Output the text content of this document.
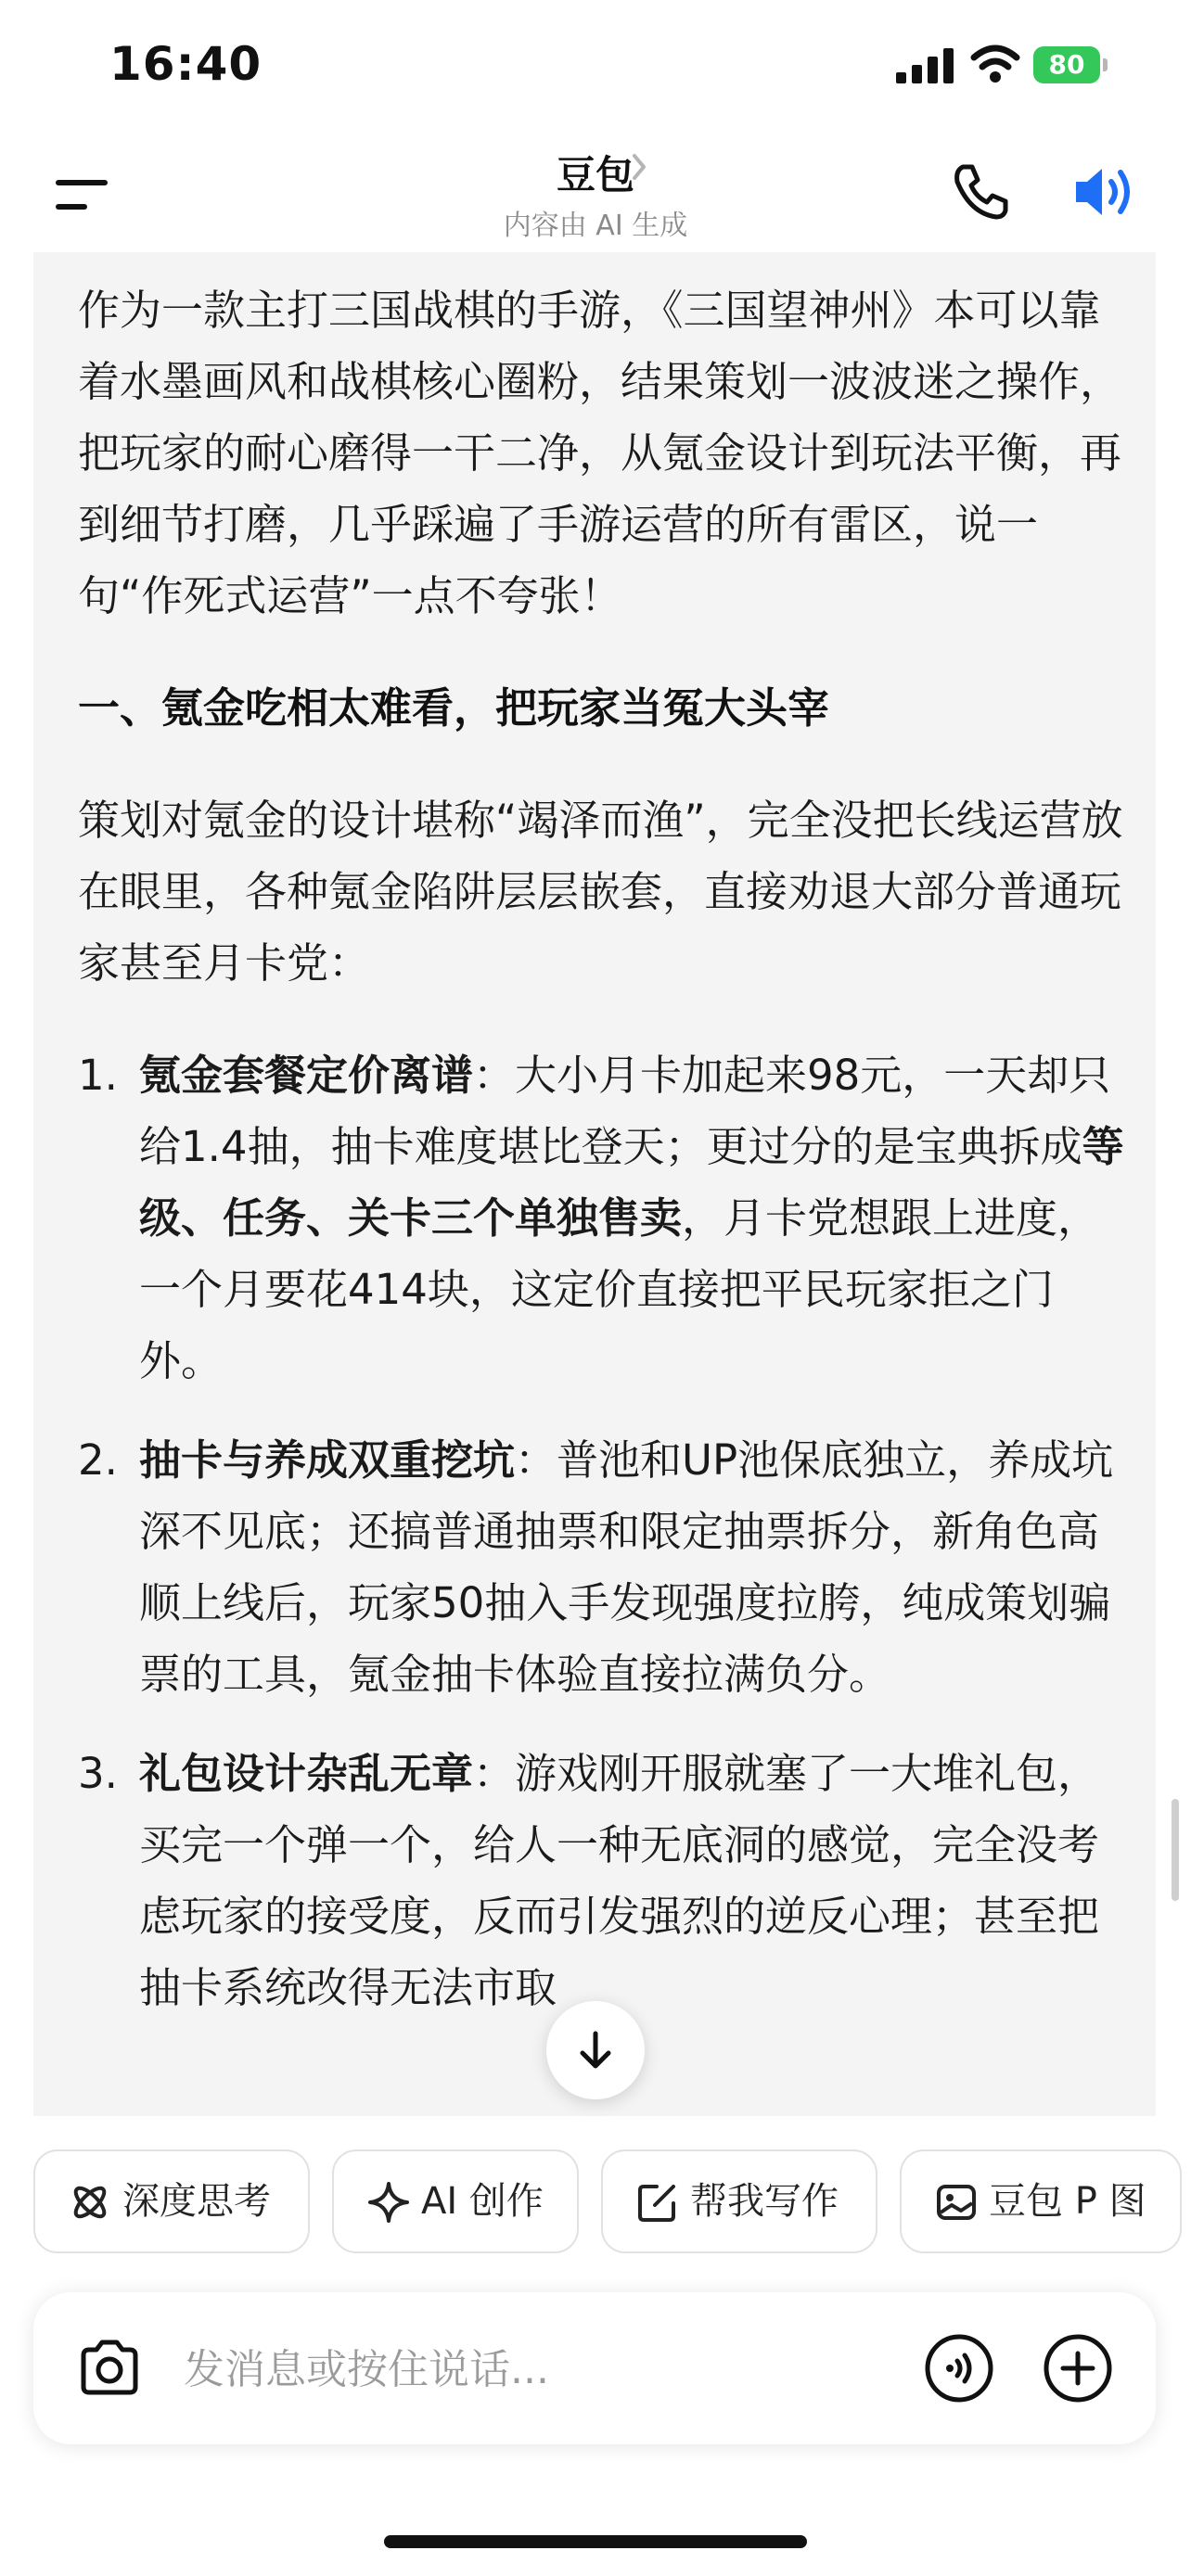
16:40	80
豆包
内容由 AI 生成

作为一款主打三国战棋的手游，《三国望神州》本可以靠着水墨画风和战棋核心圈粉，结果策划一波波迷之操作，把玩家的耐心磨得一干二净，从氪金设计到玩法平衡，再到细节打磨，几乎踩遍了手游运营的所有雷区，说一句“作死式运营”一点不夸张！

一、氪金吃相太难看，把玩家当冤大头宰

策划对氪金的设计堪称“竭泽而渔”，完全没把长线运营放在眼里，各种氪金陷阱层层嵌套，直接劝退大部分普通玩家甚至月卡党：

1. 氪金套餐定价离谱：大小月卡加起来98元，一天却只给1.4抽，抽卡难度堪比登天；更过分的是宝典拆成等级、任务、关卡三个单独售卖，月卡党想跟上进度，一个月要花414块，这定价直接把平民玩家拒之门外。
2. 抽卡与养成双重挖坑：普池和UP池保底独立，养成坑深不见底；还搞普通抽票和限定抽票拆分，新角色高顺上线后，玩家50抽入手发现强度拉胯，纯成策划骗票的工具，氪金抽卡体验直接拉满负分。
3. 礼包设计杂乱无章：游戏刚开服就塞了一大堆礼包，买完一个弹一个，给人一种无底洞的感觉，完全没考虑玩家的接受度，反而引发强烈的逆反心理；甚至把抽卡系统改得无法市取
深度思考	AI 创作	帮我写作	豆包 P 图
发消息或按住说话...
